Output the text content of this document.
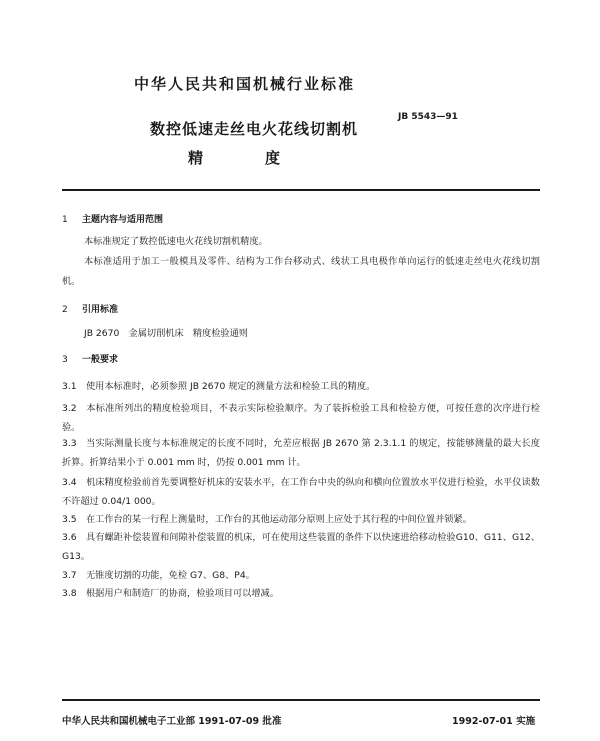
中华人民共和国机械行业标准
JB 5543—91
数控低速走丝电火花线切割机
精	度
1 主题内容与适用范围
本标准规定了数控低速电火花线切割机精度。
本标准适用于加工一般模具及零件、结构为工作台移动式、线状工具电极作单向运行的低速走丝电火花线切割机。
2 引用标准
JB 2670　金属切削机床　精度检验通则
3 一般要求
3.1 使用本标准时，必须参照 JB 2670 规定的测量方法和检验工具的精度。
3.2 本标准所列出的精度检验项目，不表示实际检验顺序。为了装拆检验工具和检验方便，可按任意的次序进行检验。
3.3 当实际测量长度与本标准规定的长度不同时，允差应根据 JB 2670 第 2.3.1.1 的规定，按能够测量的最大长度折算。折算结果小于 0.001 mm 时，仍按 0.001 mm 计。
3.4 机床精度检验前首先要调整好机床的安装水平，在工作台中央的纵向和横向位置放水平仪进行检验，水平仪读数不许超过 0.04/1 000。
3.5 在工作台的某一行程上测量时，工作台的其他运动部分原则上应处于其行程的中间位置并锁紧。
3.6 具有螺距补偿装置和间隙补偿装置的机床，可在使用这些装置的条件下以快速进给移动检验G10、G11、G12、G13。
3.7 无锥度切割的功能，免检 G7、G8、P4。
3.8 根据用户和制造厂的协商，检验项目可以增减。
中华人民共和国机械电子工业部 1991-07-09 批准	1992-07-01 实施
